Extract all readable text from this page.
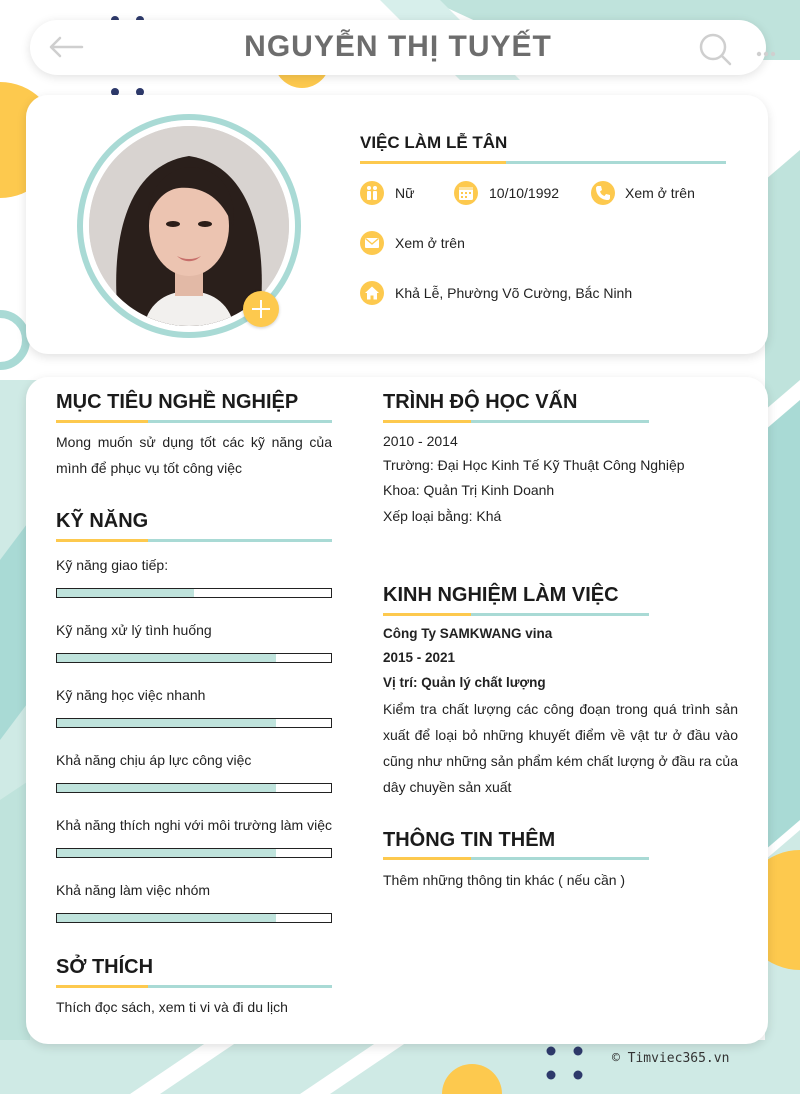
NGUYỄN THỊ TUYẾT
VIỆC LÀM LỄ TÂN
Nữ	10/10/1992	Xem ở trên
Xem ở trên
Khả Lễ, Phường Võ Cường, Bắc Ninh
MỤC TIÊU NGHỀ NGHIỆP
Mong muốn sử dụng tốt các kỹ năng của
mình để phục vụ tốt công việc
KỸ NĂNG
Kỹ năng giao tiếp:
Kỹ năng xử lý tình huống
Kỹ năng học việc nhanh
Khả năng chịu áp lực công việc
Khả năng thích nghi với môi trường làm việc
Khả năng làm việc nhóm
SỞ THÍCH
Thích đọc sách, xem ti vi và đi du lịch
TRÌNH ĐỘ HỌC VẤN
2010 - 2014
Trường: Đại Học Kinh Tế Kỹ Thuật Công Nghiệp
Khoa: Quản Trị Kinh Doanh
Xếp loại bằng: Khá
KINH NGHIỆM LÀM VIỆC
Công Ty SAMKWANG vina
2015 - 2021
Vị trí: Quản lý chất lượng
Kiểm tra chất lượng các công đoạn trong quá trình sản
xuất để loại bỏ những khuyết điểm về vật tư ở đầu vào
cũng như những sản phẩm kém chất lượng ở đầu ra của
dây chuyền sản xuất
THÔNG TIN THÊM
Thêm những thông tin khác ( nếu cần )
© Timviec365.vn
